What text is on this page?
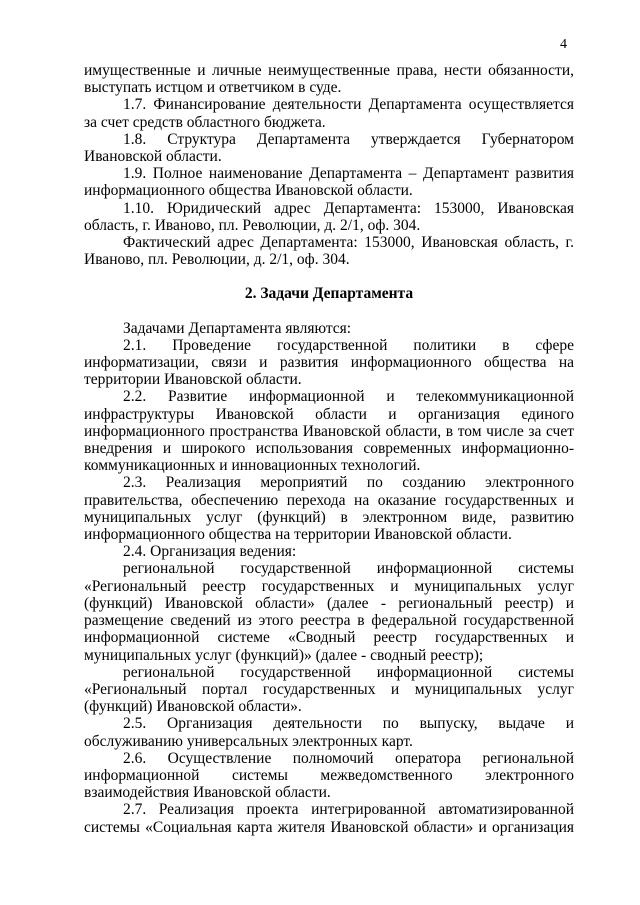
4

имущественные и личные неимущественные права, нести обязанности, выступать истцом и ответчиком в суде.

1.7. Финансирование деятельности Департамента осуществляется за счет средств областного бюджета.

1.8. Структура Департамента утверждается Губернатором Ивановской области.

1.9. Полное наименование Департамента – Департамент развития информационного общества Ивановской области.

1.10. Юридический адрес Департамента: 153000, Ивановская область, г. Иваново, пл. Революции, д. 2/1, оф. 304.

Фактический адрес Департамента: 153000, Ивановская область, г. Иваново, пл. Революции, д. 2/1, оф. 304.

2. Задачи Департамента

Задачами Департамента являются:

2.1. Проведение государственной политики в сфере информатизации, связи и развития информационного общества на территории Ивановской области.

2.2. Развитие информационной и телекоммуникационной инфраструктуры Ивановской области и организация единого информационного пространства Ивановской области, в том числе за счет внедрения и широкого использования современных информационно-коммуникационных и инновационных технологий.

2.3. Реализация мероприятий по созданию электронного правительства, обеспечению перехода на оказание государственных и муниципальных услуг (функций) в электронном виде, развитию информационного общества на территории Ивановской области.

2.4. Организация ведения:

региональной государственной информационной системы «Региональный реестр государственных и муниципальных услуг (функций) Ивановской области» (далее - региональный реестр) и размещение сведений из этого реестра в федеральной государственной информационной системе «Сводный реестр государственных и муниципальных услуг (функций)» (далее - сводный реестр);

региональной государственной информационной системы «Региональный портал государственных и муниципальных услуг (функций) Ивановской области».

2.5. Организация деятельности по выпуску, выдаче и обслуживанию универсальных электронных карт.

2.6. Осуществление полномочий оператора региональной информационной системы межведомственного электронного взаимодействия Ивановской области.

2.7. Реализация проекта интегрированной автоматизированной системы «Социальная карта жителя Ивановской области» и организация
